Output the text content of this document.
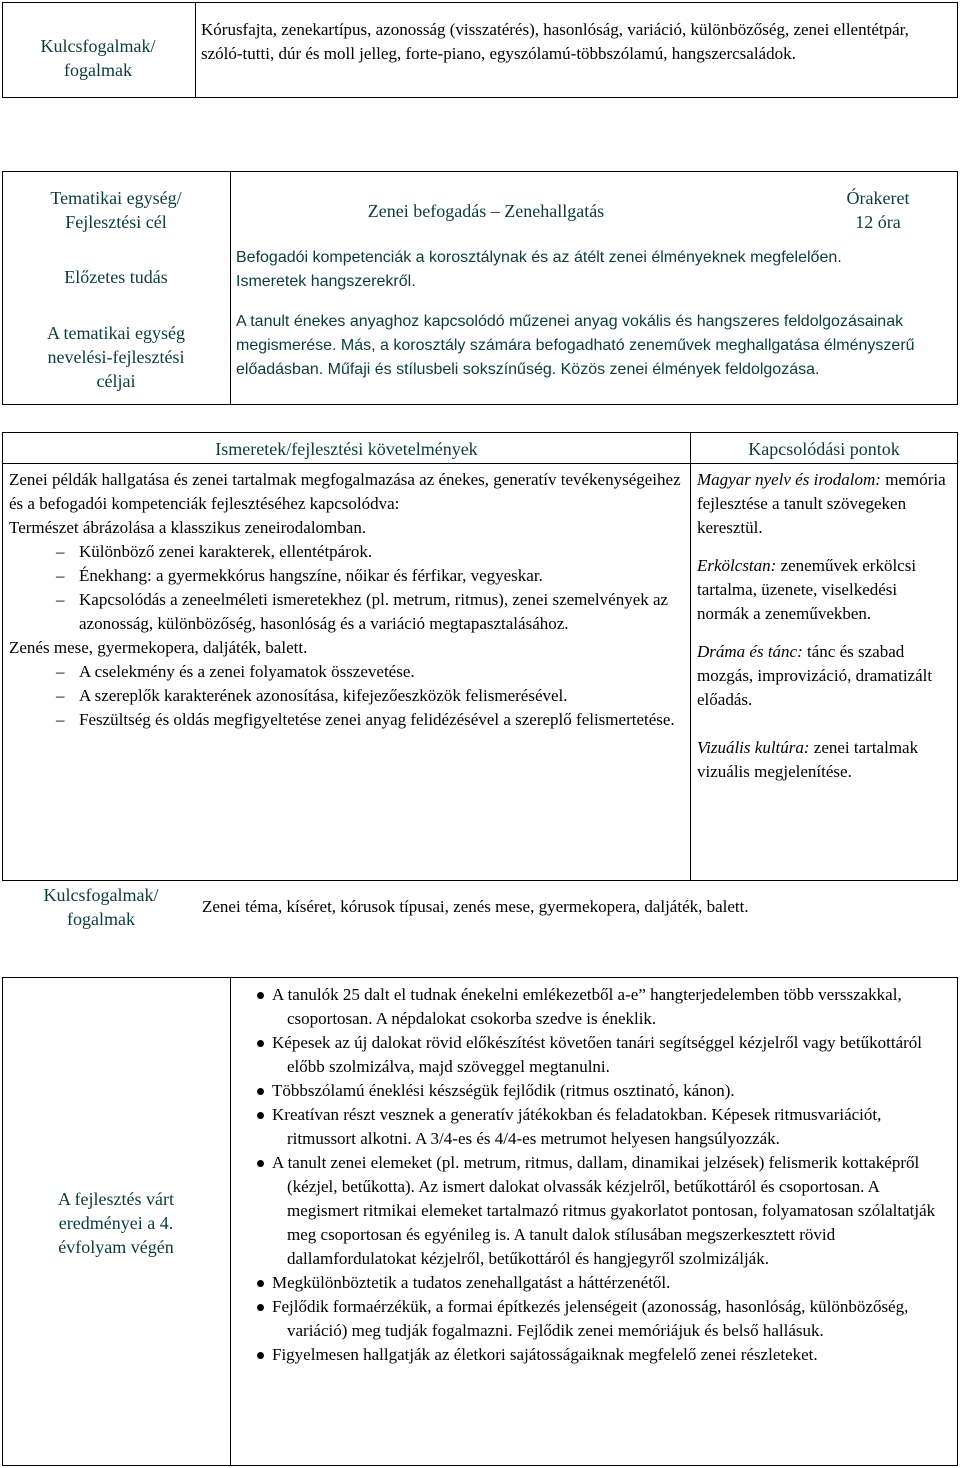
Kulcsfogalmak/ fogalmak
Kórusfajta, zenekartípus, azonosság (visszatérés), hasonlóság, variáció, különbözőség, zenei ellentétpár, szóló-tutti, dúr és moll jelleg, forte-piano, egyszólamú-többszólamú, hangszercsaládok.
Tematikai egység/ Fejlesztési cél
Előzetes tudás
A tematikai egység nevelési-fejlesztési céljai
Zenei befogadás – Zenehallgatás
Órakeret
12 óra
Befogadói kompetenciák a korosztálynak és az átélt zenei élményeknek megfelelően. Ismeretek hangszerekről.
A tanult énekes anyaghoz kapcsolódó műzenei anyag vokális és hangszeres feldolgozásainak megismerése. Más, a korosztály számára befogadható zeneművek meghallgatása élményszerű előadásban. Műfaji és stílusbeli sokszínűség. Közös zenei élmények feldolgozása.
Ismeretek/fejlesztési követelmények	Kapcsolódási pontok
Zenei példák hallgatása és zenei tartalmak megfogalmazása az énekes, generatív tevékenységeihez és a befogadói kompetenciák fejlesztéséhez kapcsolódva:
Természet ábrázolása a klasszikus zeneirodalomban.
– Különböző zenei karakterek, ellentétpárok.
– Énekhang: a gyermekkórus hangszíne, nőikar és férfikar, vegyeskar.
– Kapcsolódás a zeneelméleti ismeretekhez (pl. metrum, ritmus), zenei szemelvények az azonosság, különbözőség, hasonlóság és a variáció megtapasztalásához.
Zenés mese, gyermekopera, daljáték, balett.
– A cselekmény és a zenei folyamatok összevetése.
– A szereplők karakterének azonosítása, kifejezőeszközök felismerésével.
– Feszültség és oldás megfigyeltetése zenei anyag felidézésével a szereplő felismertetése.
Magyar nyelv és irodalom: memória fejlesztése a tanult szövegeken keresztül.
Erkölcstan: zeneművek erkölcsi tartalma, üzenete, viselkedési normák a zeneművekben.
Dráma és tánc: tánc és szabad mozgás, improvizáció, dramatizált előadás.
Vizuális kultúra: zenei tartalmak vizuális megjelenítése.
Kulcsfogalmak/ fogalmak
Zenei téma, kíséret, kórusok típusai, zenés mese, gyermekopera, daljáték, balett.
A fejlesztés várt eredményei a 4. évfolyam végén
A tanulók 25 dalt el tudnak énekelni emlékezetből a-e” hangterjedelemben több versszakkal, csoportosan. A népdalokat csokorba szedve is éneklik.
Képesek az új dalokat rövid előkészítést követően tanári segítséggel kézjelről vagy betűkottáról előbb szolmizálva, majd szöveggel megtanulni.
Többszólamú éneklési készségük fejlődik (ritmus osztinató, kánon).
Kreatívan részt vesznek a generatív játékokban és feladatokban. Képesek ritmusvariációt, ritmussort alkotni. A 3/4-es és 4/4-es metrumot helyesen hangsúlyozzák.
A tanult zenei elemeket (pl. metrum, ritmus, dallam, dinamikai jelzések) felismerik kottaképről (kézjel, betűkotta). Az ismert dalokat olvassák kézjelről, betűkottáról és csoportosan. A megismert ritmikai elemeket tartalmazó ritmus gyakorlatot pontosan, folyamatosan szólaltatják meg csoportosan és egyénileg is. A tanult dalok stílusában megszerkesztett rövid dallamfordulatokat kézjelről, betűkottáról és hangjegyről szolmizálják.
Megkülönböztetik a tudatos zenehallgatást a háttérzenétől.
Fejlődik formaérzékük, a formai építkezés jelenségeit (azonosság, hasonlóság, különbözőség, variáció) meg tudják fogalmazni. Fejlődik zenei memóriájuk és belső hallásuk.
Figyelmesen hallgatják az életkori sajátosságaiknak megfelelő zenei részleteket.
